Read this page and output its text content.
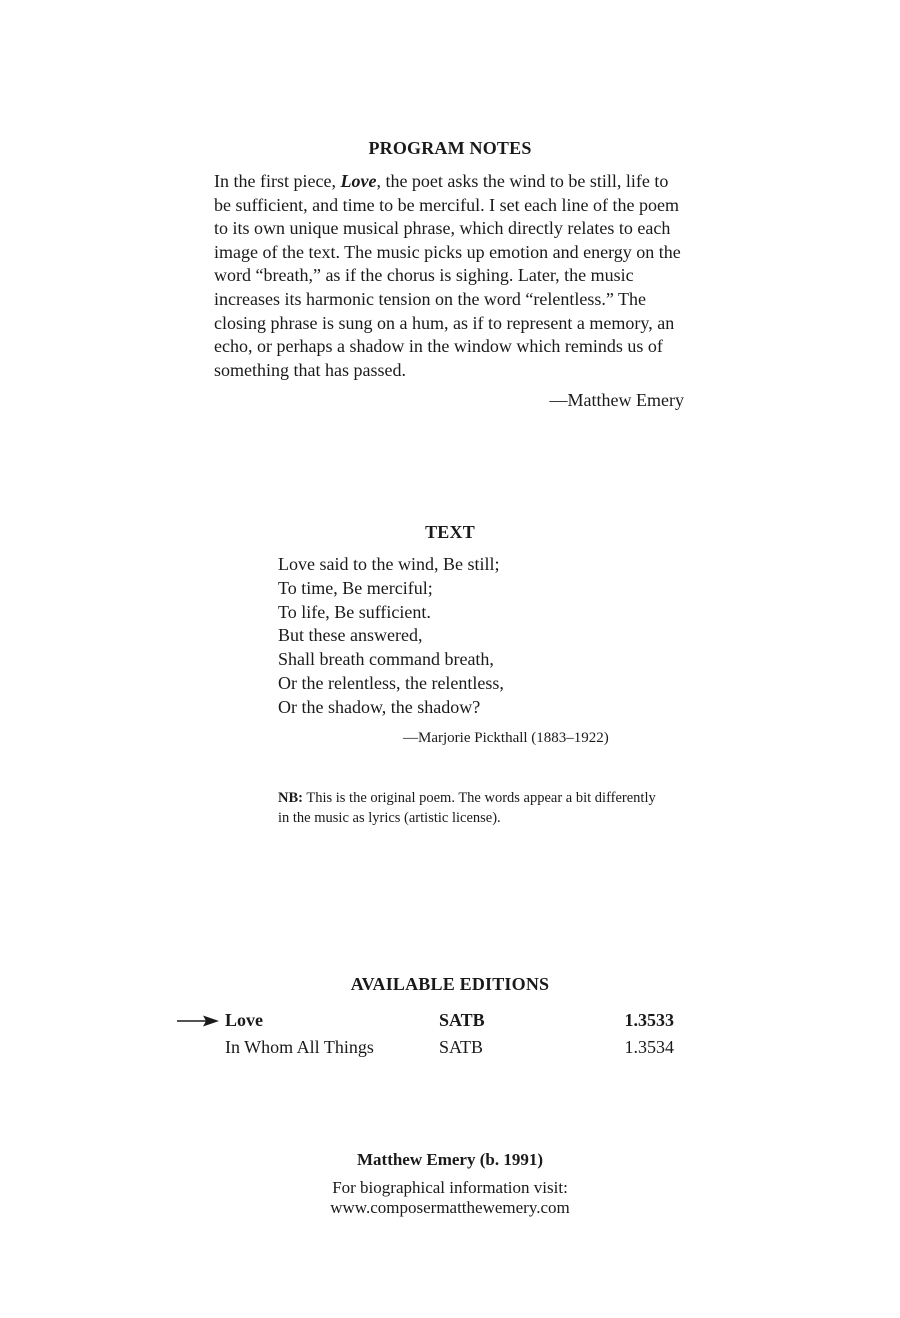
PROGRAM NOTES

In the first piece, Love, the poet asks the wind to be still, life to be sufficient, and time to be merciful. I set each line of the poem to its own unique musical phrase, which directly relates to each image of the text. The music picks up emotion and energy on the word “breath,” as if the chorus is sighing. Later, the music increases its harmonic tension on the word “relentless.” The closing phrase is sung on a hum, as if to represent a memory, an echo, or perhaps a shadow in the window which reminds us of something that has passed.

—Matthew Emery
TEXT
Love said to the wind, Be still;
To time, Be merciful;
To life, Be sufficient.
But these answered,
Shall breath command breath,
Or the relentless, the relentless,
Or the shadow, the shadow?
—Marjorie Pickthall (1883–1922)
NB: This is the original poem. The words appear a bit differently in the music as lyrics (artistic license).
AVAILABLE EDITIONS
Love	SATB	1.3533
In Whom All Things	SATB	1.3534
Matthew Emery (b. 1991)
For biographical information visit:
www.composermatthewemery.com
